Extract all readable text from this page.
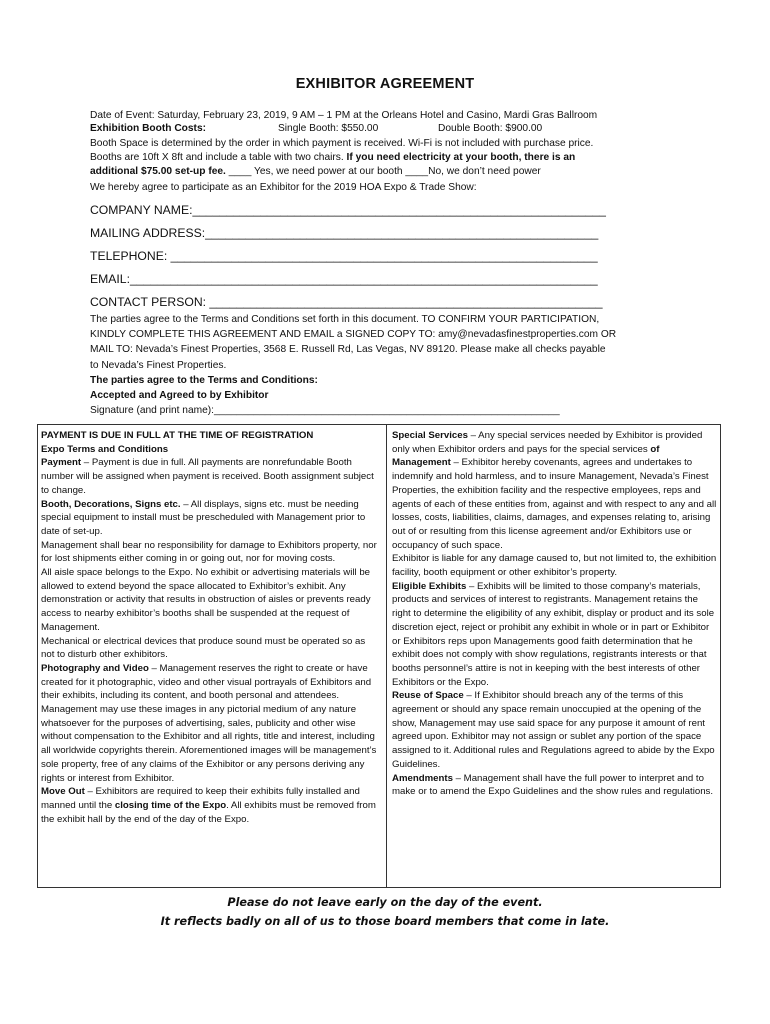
EXHIBITOR AGREEMENT
Date of Event: Saturday, February 23, 2019, 9 AM – 1 PM at the Orleans Hotel and Casino, Mardi Gras Ballroom
Exhibition Booth Costs:	Single Booth: $550.00	Double Booth: $900.00
Booth Space is determined by the order in which payment is received. Wi-Fi is not included with purchase price.
Booths are 10ft X 8ft and include a table with two chairs. If you need electricity at your booth, there is an
additional $75.00 set-up fee. ____ Yes, we need power at our booth ____No, we don’t need power
We hereby agree to participate as an Exhibitor for the 2019 HOA Expo & Trade Show:
COMPANY NAME:_____________________________________________________________
MAILING ADDRESS:__________________________________________________________
TELEPHONE: _______________________________________________________________
EMAIL:_____________________________________________________________________
CONTACT PERSON: __________________________________________________________

The parties agree to the Terms and Conditions set forth in this document. TO CONFIRM YOUR PARTICIPATION,

KINDLY COMPLETE THIS AGREEMENT AND EMAIL a SIGNED COPY TO: amy@nevadasfinestproperties.com OR

MAIL TO: Nevada’s Finest Properties, 3568 E. Russell Rd, Las Vegas, NV 89120. Please make all checks payable

to Nevada’s Finest Properties.

The parties agree to the Terms and Conditions:

Accepted and Agreed to by Exhibitor

Signature (and print name):_____________________________________________________________

PAYMENT IS DUE IN FULL AT THE TIME OF REGISTRATION

Expo Terms and Conditions

Payment – Payment is due in full. All payments are nonrefundable Booth number will be assigned when payment is received. Booth assignment subject to change.

Booth, Decorations, Signs etc. – All displays, signs etc. must be needing special equipment to install must be prescheduled with Management prior to date of set-up.

Management shall bear no responsibility for damage to Exhibitors property, nor for lost shipments either coming in or going out, nor for moving costs.

All aisle space belongs to the Expo. No exhibit or advertising materials will be allowed to extend beyond the space allocated to Exhibitor’s exhibit. Any demonstration or activity that results in obstruction of aisles or prevents ready access to nearby exhibitor’s booths shall be suspended at the request of Management.

Mechanical or electrical devices that produce sound must be operated so as not to disturb other exhibitors.

Photography and Video – Management reserves the right to create or have created for it photographic, video and other visual portrayals of Exhibitors and their exhibits, including its content, and booth personal and attendees. Management may use these images in any pictorial medium of any nature whatsoever for the purposes of advertising, sales, publicity and other wise without compensation to the Exhibitor and all rights, title and interest, including all worldwide copyrights therein. Aforementioned images will be management’s sole property, free of any claims of the Exhibitor or any persons deriving any rights or interest from Exhibitor.

Move Out – Exhibitors are required to keep their exhibits fully installed and manned until the closing time of the Expo. All exhibits must be removed from the exhibit hall by the end of the day of the Expo.

Special Services – Any special services needed by Exhibitor is provided only when Exhibitor orders and pays for the special services of Management – Exhibitor hereby covenants, agrees and undertakes to indemnify and hold harmless, and to insure Management, Nevada’s Finest Properties, the exhibition facility and the respective employees, reps and agents of each of these entities from, against and with respect to any and all losses, costs, liabilities, claims, damages, and expenses relating to, arising out of or resulting from this license agreement and/or Exhibitors use or occupancy of such space.

Exhibitor is liable for any damage caused to, but not limited to, the exhibition facility, booth equipment or other exhibitor’s property.

Eligible Exhibits – Exhibits will be limited to those company’s materials, products and services of interest to registrants. Management retains the right to determine the eligibility of any exhibit, display or product and its sole discretion eject, reject or prohibit any exhibit in whole or in part or Exhibitor or Exhibitors reps upon Managements good faith determination that he exhibit does not comply with show regulations, registrants interests or that booths personnel’s attire is not in keeping with the best interests of other Exhibitors or the Expo.

Reuse of Space – If Exhibitor should breach any of the terms of this agreement or should any space remain unoccupied at the opening of the show, Management may use said space for any purpose it amount of rent agreed upon. Exhibitor may not assign or sublet any portion of the space assigned to it. Additional rules and Regulations agreed to abide by the Expo Guidelines.

Amendments – Management shall have the full power to interpret and to make or to amend the Expo Guidelines and the show rules and regulations.

Please do not leave early on the day of the event.
It reflects badly on all of us to those board members that come in late.
